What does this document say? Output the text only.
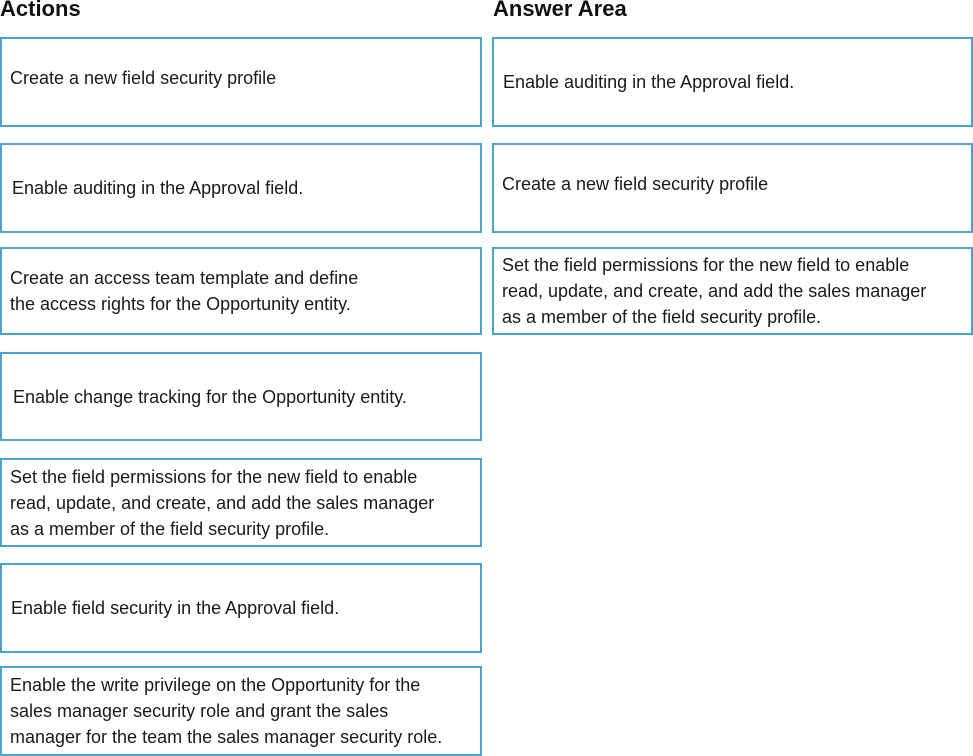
Actions	Answer Area
Create a new field security profile
Enable auditing in the Approval field.
Create an access team template and define
the access rights for the Opportunity entity.
Enable change tracking for the Opportunity entity.
Set the field permissions for the new field to enable
read, update, and create, and add the sales manager
as a member of the field security profile.
Enable field security in the Approval field.
Enable the write privilege on the Opportunity for the
sales manager security role and grant the sales
manager for the team the sales manager security role.
Enable auditing in the Approval field.
Create a new field security profile
Set the field permissions for the new field to enable
read, update, and create, and add the sales manager
as a member of the field security profile.
